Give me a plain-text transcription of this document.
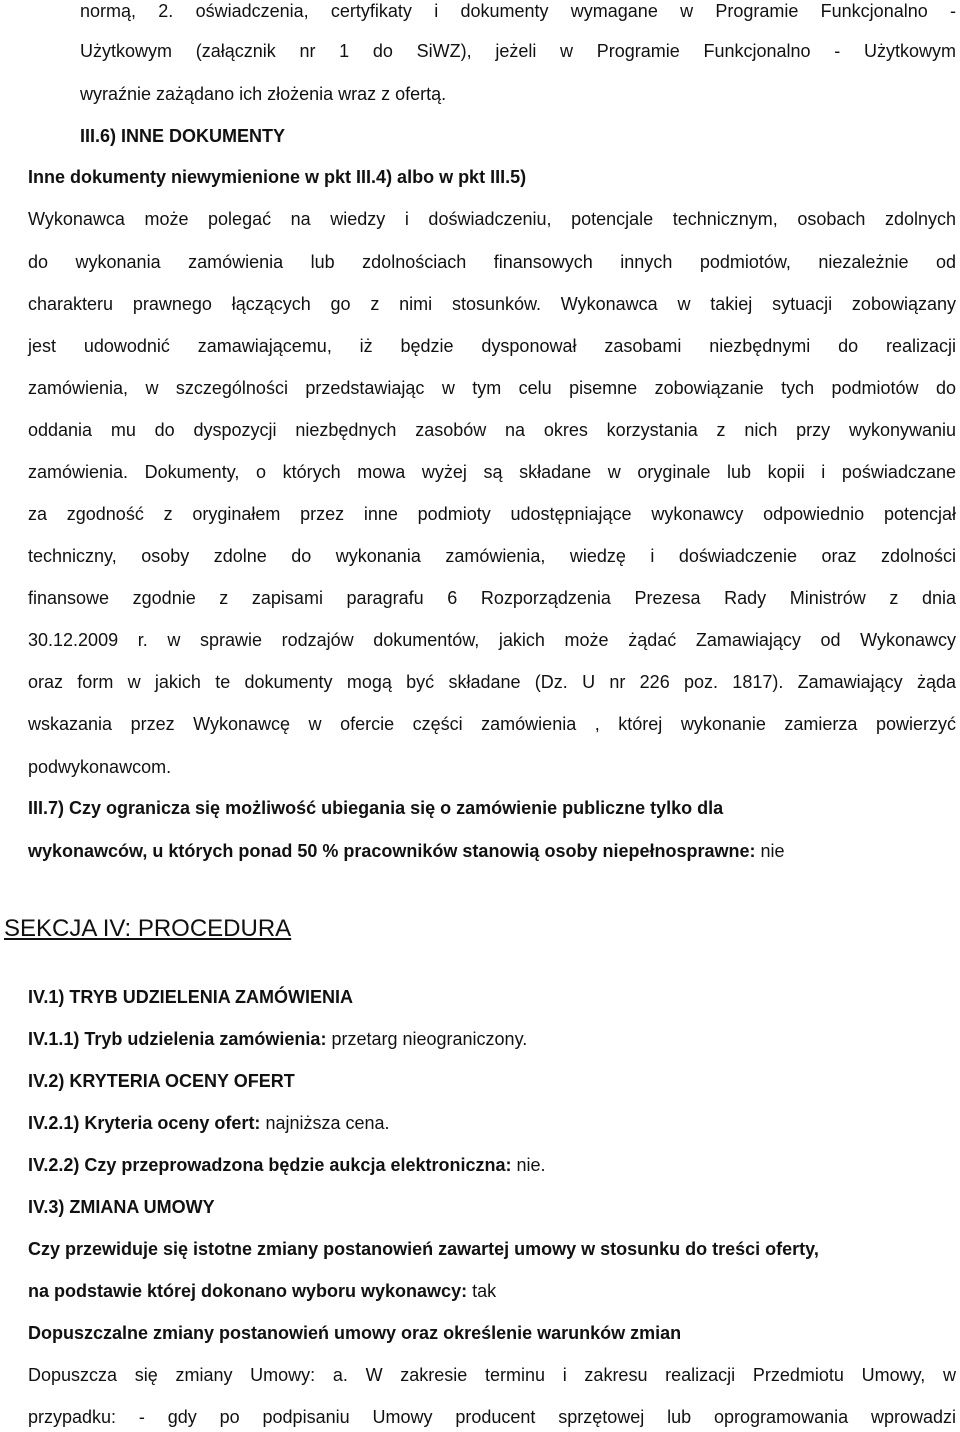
normą, 2. oświadczenia, certyfikaty i dokumenty wymagane w Programie Funkcjonalno -
Użytkowym (załącznik nr 1 do SiWZ), jeżeli w Programie Funkcjonalno - Użytkowym
wyraźnie zażądano ich złożenia wraz z ofertą.
III.6) INNE DOKUMENTY
Inne dokumenty niewymienione w pkt III.4) albo w pkt III.5)
Wykonawca może polegać na wiedzy i doświadczeniu, potencjale technicznym, osobach zdolnych
do wykonania zamówienia lub zdolnościach finansowych innych podmiotów, niezależnie od
charakteru prawnego łączących go z nimi stosunków. Wykonawca w takiej sytuacji zobowiązany
jest udowodnić zamawiającemu, iż będzie dysponował zasobami niezbędnymi do realizacji
zamówienia, w szczególności przedstawiając w tym celu pisemne zobowiązanie tych podmiotów do
oddania mu do dyspozycji niezbędnych zasobów na okres korzystania z nich przy wykonywaniu
zamówienia. Dokumenty, o których mowa wyżej są składane w oryginale lub kopii i poświadczane
za zgodność z oryginałem przez inne podmioty udostępniające wykonawcy odpowiednio potencjał
techniczny, osoby zdolne do wykonania zamówienia, wiedzę i doświadczenie oraz zdolności
finansowe zgodnie z zapisami paragrafu 6 Rozporządzenia Prezesa Rady Ministrów z dnia
30.12.2009 r. w sprawie rodzajów dokumentów, jakich może żądać Zamawiający od Wykonawcy
oraz form w jakich te dokumenty mogą być składane (Dz. U nr 226 poz. 1817). Zamawiający żąda
wskazania przez Wykonawcę w ofercie części zamówienia , której wykonanie zamierza powierzyć
podwykonawcom.
III.7) Czy ogranicza się możliwość ubiegania się o zamówienie publiczne tylko dla
wykonawców, u których ponad 50 % pracowników stanowią osoby niepełnosprawne: nie
SEKCJA IV: PROCEDURA
IV.1) TRYB UDZIELENIA ZAMÓWIENIA
IV.1.1) Tryb udzielenia zamówienia: przetarg nieograniczony.
IV.2) KRYTERIA OCENY OFERT
IV.2.1) Kryteria oceny ofert: najniższa cena.
IV.2.2) Czy przeprowadzona będzie aukcja elektroniczna: nie.
IV.3) ZMIANA UMOWY
Czy przewiduje się istotne zmiany postanowień zawartej umowy w stosunku do treści oferty,
na podstawie której dokonano wyboru wykonawcy: tak
Dopuszczalne zmiany postanowień umowy oraz określenie warunków zmian
Dopuszcza się zmiany Umowy: a. W zakresie terminu i zakresu realizacji Przedmiotu Umowy, w
przypadku: - gdy po podpisaniu Umowy producent sprzętowej lub oprogramowania wprowadzi
